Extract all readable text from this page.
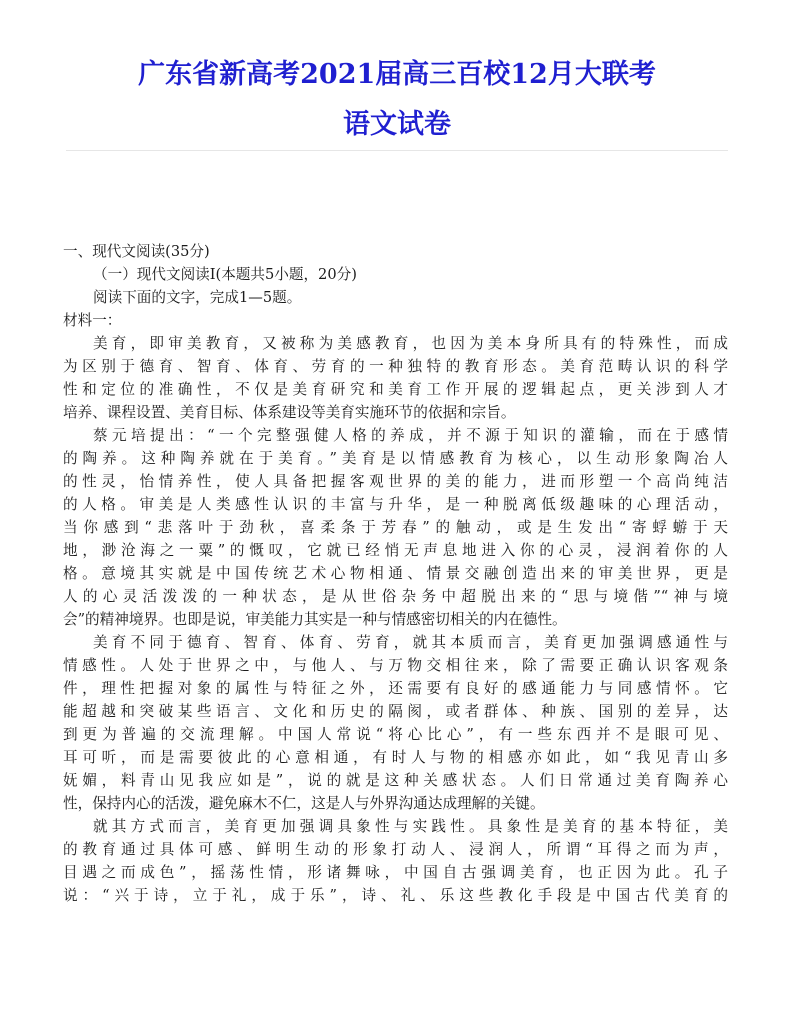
广东省新高考2021届高三百校12月大联考
语文试卷
一、现代文阅读(35分)
（一）现代文阅读Ⅰ(本题共5小题，20分)
阅读下面的文字，完成1—5题。
材料一：
美育，即审美教育，又被称为美感教育，也因为美本身所具有的特殊性，而成
为区别于德育、智育、体育、劳育的一种独特的教育形态。美育范畴认识的科学
性和定位的准确性，不仅是美育研究和美育工作开展的逻辑起点，更关涉到人才
培养、课程设置、美育目标、体系建设等美育实施环节的依据和宗旨。
蔡元培提出：“一个完整强健人格的养成，并不源于知识的灌输，而在于感情
的陶养。这种陶养就在于美育。”美育是以情感教育为核心，以生动形象陶冶人
的性灵，怡情养性，使人具备把握客观世界的美的能力，进而形塑一个高尚纯洁
的人格。审美是人类感性认识的丰富与升华，是一种脱离低级趣味的心理活动，
当你感到“悲落叶于劲秋，喜柔条于芳春”的触动，或是生发出“寄蜉蝣于天
地，渺沧海之一粟”的慨叹，它就已经悄无声息地进入你的心灵，浸润着你的人
格。意境其实就是中国传统艺术心物相通、情景交融创造出来的审美世界，更是
人的心灵活泼泼的一种状态，是从世俗杂务中超脱出来的“思与境偕”“神与境
会”的精神境界。也即是说，审美能力其实是一种与情感密切相关的内在德性。
美育不同于德育、智育、体育、劳育，就其本质而言，美育更加强调感通性与
情感性。人处于世界之中，与他人、与万物交相往来，除了需要正确认识客观条
件，理性把握对象的属性与特征之外，还需要有良好的感通能力与同感情怀。它
能超越和突破某些语言、文化和历史的隔阂，或者群体、种族、国别的差异，达
到更为普遍的交流理解。中国人常说“将心比心”，有一些东西并不是眼可见、
耳可听，而是需要彼此的心意相通，有时人与物的相感亦如此，如“我见青山多
妩媚，料青山见我应如是”，说的就是这种关感状态。人们日常通过美育陶养心
性，保持内心的活泼，避免麻木不仁，这是人与外界沟通达成理解的关键。
就其方式而言，美育更加强调具象性与实践性。具象性是美育的基本特征，美
的教育通过具体可感、鲜明生动的形象打动人、浸润人，所谓“耳得之而为声，
目遇之而成色”，摇荡性情，形诸舞咏，中国自古强调美育，也正因为此。孔子
说：“兴于诗，立于礼，成于乐”，诗、礼、乐这些教化手段是中国古代美育的
